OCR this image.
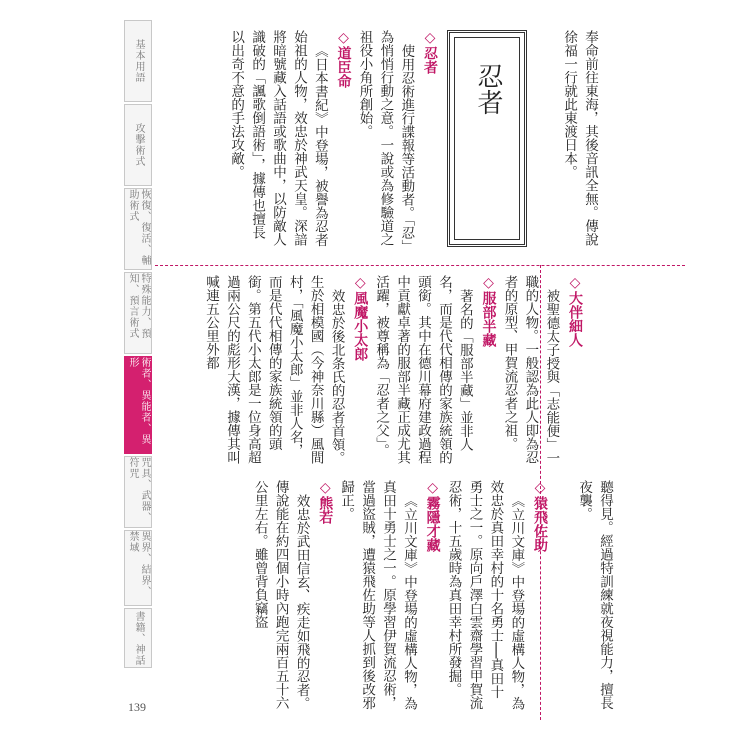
基本用語
攻擊術式
恢復、復活、輔助術式
特殊能力、預知、預言術式
術者、異能者、異形
咒具、武器、符咒
異界、結界、禁域
書籍、神話
139
忍者	奉命前往東海，其後音訊全無。傳說徐福一行就此東渡日本。

◇忍者

使用忍術進行諜報等活動者。「忍」為悄悄行動之意。一說或為修驗道之祖役小角所創始。

◇道臣命

《日本書紀》中登場，被譽為忍者始祖的人物，效忠於神武天皇。深諳將暗號藏入話語或歌曲中，以防敵人識破的「諷歌倒語術」，據傳也擅長以出奇不意的手法攻敵。

◇大伴細人

被聖德太子授與「志能便」一職的人物。一般認為此人即為忍者的原型、甲賀流忍者之祖。

◇服部半藏

著名的「服部半藏」並非人名，而是代代相傳的家族統領的頭銜。其中在德川幕府建政過程中貢獻卓著的服部半藏正成尤其活躍，被尊稱為「忍者之父」。

◇風魔小太郎

效忠於後北条氏的忍者首領。生於相模國（今神奈川縣）風間村，「風魔小太郎」並非人名，而是代代相傳的家族統領的頭銜。第五代小太郎是一位身高超過兩公尺的彪形大漢，據傳其叫喊連五公里外都

聽得見。經過特訓練就夜視能力，擅長夜襲。

◇猿飛佐助

《立川文庫》中登場的虛構人物，為效忠於真田幸村的十名勇士──真田十勇士之一。原向戶澤白雲齋學習甲賀流忍術，十五歲時為真田幸村所發掘。

◇霧隱才藏

《立川文庫》中登場的虛構人物，為真田十勇士之一。原學習伊賀流忍術，當過盜賊，遭猿飛佐助等人抓到後改邪歸正。

◇熊若

效忠於武田信玄、疾走如飛的忍者。傳說能在約四個小時內跑完兩百五十六公里左右。雖曾背負竊盜
